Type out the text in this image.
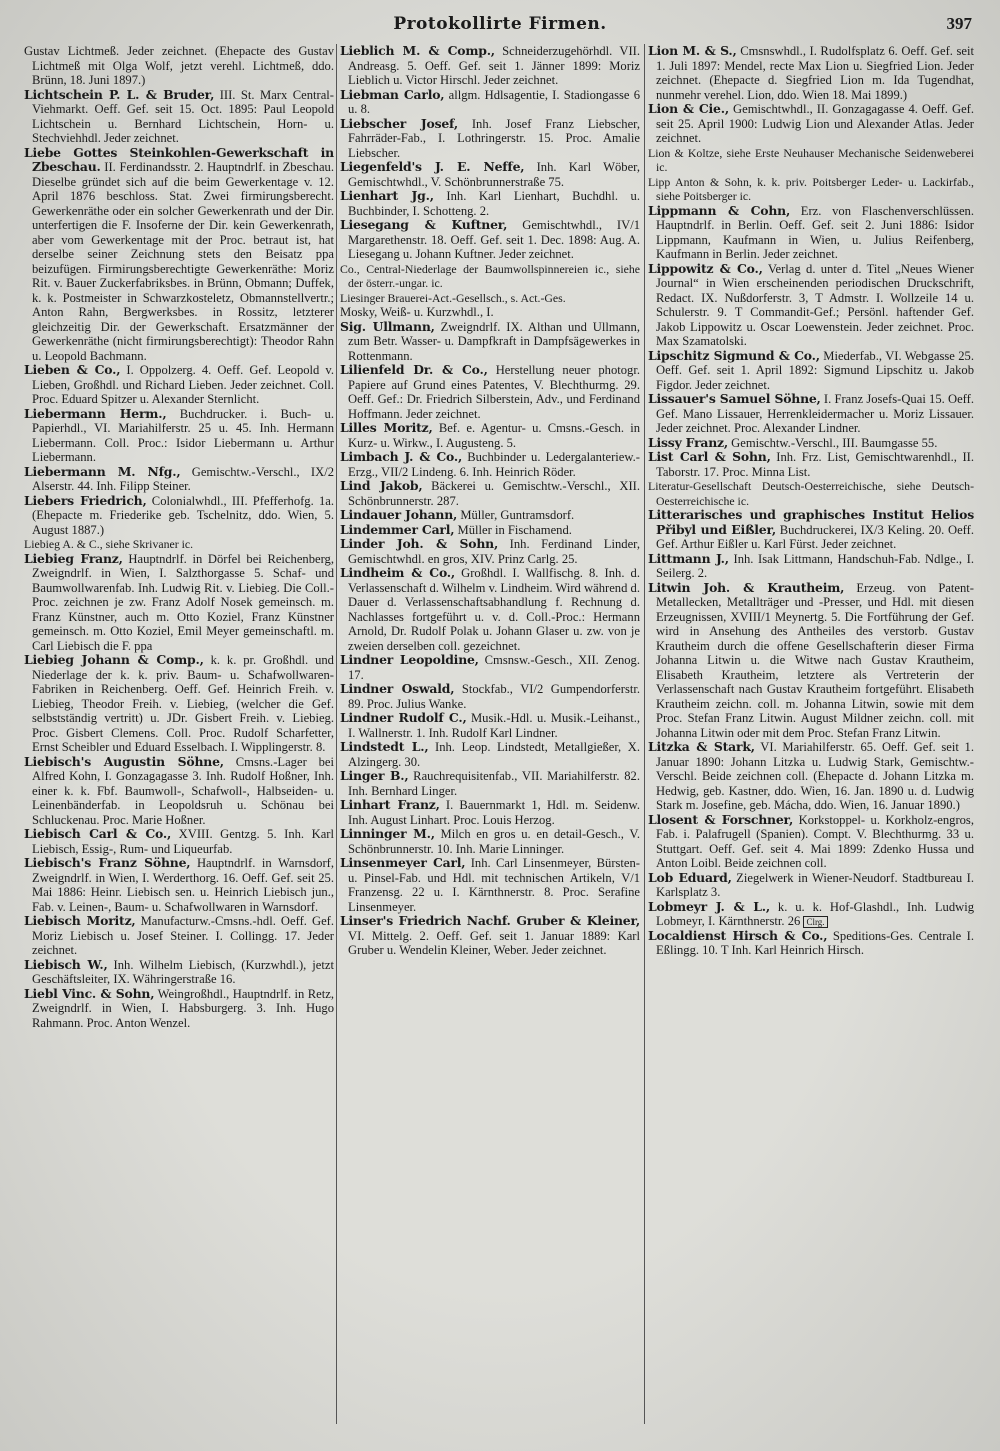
Protokollirte Firmen.	397

Gustav Lichtmeß. Jeder zeichnet. (Ehepacte des Gustav Lichtmeß mit Olga Wolf, jetzt verehl. Lichtmeß, ddo. Brünn, 18. Juni 1897.)

Lichtschein P. L. & Bruder, III. St. Marx Central-Viehmarkt. Oeff. Gef. seit 15. Oct. 1895: Paul Leopold Lichtschein u. Bernhard Lichtschein, Horn- u. Stechviehhdl. Jeder zeichnet.

Liebe Gottes Steinkohlen-Gewerkschaft in Zbeschau. II. Ferdinandsstr. 2. Hauptndrlf. in Zbeschau. Dieselbe gründet sich auf die beim Gewerkentage v. 12. April 1876 beschloss. Stat. Zwei firmirungsberecht. Gewerkenräthe oder ein solcher Gewerkenrath und der Dir. unterfertigen die F. Insoferne der Dir. kein Gewerkenrath, aber vom Gewerkentage mit der Proc. betraut ist, hat derselbe seiner Zeichnung stets den Beisatz ppa beizufügen. Firmirungsberechtigte Gewerkenräthe: Moriz Rit. v. Bauer Zuckerfabriksbes. in Brünn, Obmann; Duffek, k. k. Postmeister in Schwarzkosteletz, Obmannstellvertr.; Anton Rahn, Bergwerksbes. in Rossitz, letzterer gleichzeitig Dir. der Gewerkschaft. Ersatzmänner der Gewerkenräthe (nicht firmirungsberechtigt): Theodor Rahn u. Leopold Bachmann.

Lieben & Co., I. Oppolzerg. 4. Oeff. Gef. Leopold v. Lieben, Großhdl. und Richard Lieben. Jeder zeichnet. Coll. Proc. Eduard Spitzer u. Alexander Sternlicht.

Liebermann Herm., Buchdrucker. i. Buch- u. Papierhdl., VI. Mariahilferstr. 25 u. 45. Inh. Hermann Liebermann. Coll. Proc.: Isidor Liebermann u. Arthur Liebermann.

Liebermann M. Nfg., Gemischtw.-Verschl., IX/2 Alserstr. 44. Inh. Filipp Steiner.

Liebers Friedrich, Colonialwhdl., III. Pfefferhofg. 1a. (Ehepacte m. Friederike geb. Tschelnitz, ddo. Wien, 5. August 1887.)

Liebieg A. & C., siehe Skrivaner ic.

Liebieg Franz, Hauptndrlf. in Dörfel bei Reichenberg, Zweigndrlf. in Wien, I. Salzthorgasse 5. Schaf- und Baumwollwarenfab. Inh. Ludwig Rit. v. Liebieg. Die Coll.-Proc. zeichnen je zw. Franz Adolf Nosek gemeinsch. m. Franz Künstner, auch m. Otto Koziel, Franz Künstner gemeinsch. m. Otto Koziel, Emil Meyer gemeinschaftl. m. Carl Liebisch die F. ppa

Liebieg Johann & Comp., k. k. pr. Großhdl. und Niederlage der k. k. priv. Baum- u. Schafwollwaren-Fabriken in Reichenberg. Oeff. Gef. Heinrich Freih. v. Liebieg, Theodor Freih. v. Liebieg, (welcher die Gef. selbstständig vertritt) u. JDr. Gisbert Freih. v. Liebieg. Proc. Gisbert Clemens. Coll. Proc. Rudolf Scharfetter, Ernst Scheibler und Eduard Esselbach. I. Wipplingerstr. 8.

Liebisch's Augustin Söhne, Cmsns.-Lager bei Alfred Kohn, I. Gonzagagasse 3. Inh. Rudolf Hoßner, Inh. einer k. k. Fbf. Baumwoll-, Schafwoll-, Halbseiden- u. Leinenbänderfab. in Leopoldsruh u. Schönau bei Schluckenau. Proc. Marie Hoßner.

Liebisch Carl & Co., XVIII. Gentzg. 5. Inh. Karl Liebisch, Essig-, Rum- und Liqueurfab.

Liebisch's Franz Söhne, Hauptndrlf. in Warnsdorf, Zweigndrlf. in Wien, I. Werderthorg. 16. Oeff. Gef. seit 25. Mai 1886: Heinr. Liebisch sen. u. Heinrich Liebisch jun., Fab. v. Leinen-, Baum- u. Schafwollwaren in Warnsdorf.

Liebisch Moritz, Manufacturw.-Cmsns.-hdl. Oeff. Gef. Moriz Liebisch u. Josef Steiner. I. Collingg. 17. Jeder zeichnet.

Liebisch W., Inh. Wilhelm Liebisch, (Kurzwhdl.), jetzt Geschäftsleiter, IX. Währingerstraße 16.

Liebl Vinc. & Sohn, Weingroßhdl., Hauptndrlf. in Retz, Zweigndrlf. in Wien, I. Habsburgerg. 3. Inh. Hugo Rahmann. Proc. Anton Wenzel.

Lieblich M. & Comp., Schneiderzugehörhdl. VII. Andreasg. 5. Oeff. Gef. seit 1. Jänner 1899: Moriz Lieblich u. Victor Hirschl. Jeder zeichnet.

Liebman Carlo, allgm. Hdlsagentie, I. Stadiongasse 6 u. 8.

Liebscher Josef, Inh. Josef Franz Liebscher, Fahrräder-Fab., I. Lothringerstr. 15. Proc. Amalie Liebscher.

Liegenfeld's J. E. Neffe, Inh. Karl Wöber, Gemischtwhdl., V. Schönbrunnerstraße 75.

Lienhart Jg., Inh. Karl Lienhart, Buchdhl. u. Buchbinder, I. Schotteng. 2.

Liesegang & Kuftner, Gemischtwhdl., IV/1 Margarethenstr. 18. Oeff. Gef. seit 1. Dec. 1898: Aug. A. Liesegang u. Johann Kuftner. Jeder zeichnet.

Co., Central-Niederlage der Baumwollspinnereien ic., siehe der österr.-ungar. ic.

Liesinger Brauerei-Act.-Gesellsch., s. Act.-Ges.

Mosky, Weiß- u. Kurzwhdl., I.

Sig. Ullmann, Zweigndrlf. IX. Althan und Ullmann, zum Betr. Wasser- u. Dampfkraft in Dampfsägewerkes in Rottenmann.

Lilienfeld Dr. & Co., Herstellung neuer photogr. Papiere auf Grund eines Patentes, V. Blechthurmg. 29. Oeff. Gef.: Dr. Friedrich Silberstein, Adv., und Ferdinand Hoffmann. Jeder zeichnet.

Lilles Moritz, Bef. e. Agentur- u. Cmsns.-Gesch. in Kurz- u. Wirkw., I. Augusteng. 5.

Limbach J. & Co., Buchbinder u. Ledergalanteriew.-Erzg., VII/2 Lindeng. 6. Inh. Heinrich Röder.

Lind Jakob, Bäckerei u. Gemischtw.-Verschl., XII. Schönbrunnerstr. 287.

Lindauer Johann, Müller, Guntramsdorf.

Lindemmer Carl, Müller in Fischamend.

Linder Joh. & Sohn, Inh. Ferdinand Linder, Gemischtwhdl. en gros, XIV. Prinz Carlg. 25.

Lindheim & Co., Großhdl. I. Wallfischg. 8. Inh. d. Verlassenschaft d. Wilhelm v. Lindheim. Wird während d. Dauer d. Verlassenschaftsabhandlung f. Rechnung d. Nachlasses fortgeführt u. v. d. Coll.-Proc.: Hermann Arnold, Dr. Rudolf Polak u. Johann Glaser u. zw. von je zweien derselben coll. gezeichnet.

Lindner Leopoldine, Cmsnsw.-Gesch., XII. Zenog. 17.

Lindner Oswald, Stockfab., VI/2 Gumpendorferstr. 89. Proc. Julius Wanke.

Lindner Rudolf C., Musik.-Hdl. u. Musik.-Leihanst., I. Wallnerstr. 1. Inh. Rudolf Karl Lindner.

Lindstedt L., Inh. Leop. Lindstedt, Metallgießer, X. Alzingerg. 30.

Linger B., Rauchrequisitenfab., VII. Mariahilferstr. 82. Inh. Bernhard Linger.

Linhart Franz, I. Bauernmarkt 1, Hdl. m. Seidenw. Inh. August Linhart. Proc. Louis Herzog.

Linninger M., Milch en gros u. en detail-Gesch., V. Schönbrunnerstr. 10. Inh. Marie Linninger.

Linsenmeyer Carl, Inh. Carl Linsenmeyer, Bürsten- u. Pinsel-Fab. und Hdl. mit technischen Artikeln, V/1 Franzensg. 22 u. I. Kärnthnerstr. 8. Proc. Serafine Linsenmeyer.

Linser's Friedrich Nachf. Gruber & Kleiner, VI. Mittelg. 2. Oeff. Gef. seit 1. Januar 1889: Karl Gruber u. Wendelin Kleiner, Weber. Jeder zeichnet.

Lion M. & S., Cmsnswhdl., I. Rudolfsplatz 6. Oeff. Gef. seit 1. Juli 1897: Mendel, recte Max Lion u. Siegfried Lion. Jeder zeichnet. (Ehepacte d. Siegfried Lion m. Ida Tugendhat, nunmehr verehel. Lion, ddo. Wien 18. Mai 1899.)

Lion & Cie., Gemischtwhdl., II. Gonzagagasse 4. Oeff. Gef. seit 25. April 1900: Ludwig Lion und Alexander Atlas. Jeder zeichnet.

Lion & Koltze, siehe Erste Neuhauser Mechanische Seidenweberei ic.

Lipp Anton & Sohn, k. k. priv. Poitsberger Leder- u. Lackirfab., siehe Poitsberger ic.

Lippmann & Cohn, Erz. von Flaschenverschlüssen. Hauptndrlf. in Berlin. Oeff. Gef. seit 2. Juni 1886: Isidor Lippmann, Kaufmann in Wien, u. Julius Reifenberg, Kaufmann in Berlin. Jeder zeichnet.

Lippowitz & Co., Verlag d. unter d. Titel „Neues Wiener Journal“ in Wien erscheinenden periodischen Druckschrift, Redact. IX. Nußdorferstr. 3, T Admstr. I. Wollzeile 14 u. Schulerstr. 9. T Commandit-Gef.; Persönl. haftender Gef. Jakob Lippowitz u. Oscar Loewenstein. Jeder zeichnet. Proc. Max Szamatolski.

Lipschitz Sigmund & Co., Miederfab., VI. Webgasse 25. Oeff. Gef. seit 1. April 1892: Sigmund Lipschitz u. Jakob Figdor. Jeder zeichnet.

Lissauer's Samuel Söhne, I. Franz Josefs-Quai 15. Oeff. Gef. Mano Lissauer, Herrenkleidermacher u. Moriz Lissauer. Jeder zeichnet. Proc. Alexander Lindner.

Lissy Franz, Gemischtw.-Verschl., III. Baumgasse 55.

List Carl & Sohn, Inh. Frz. List, Gemischtwarenhdl., II. Taborstr. 17. Proc. Minna List.

Literatur-Gesellschaft Deutsch-Oesterreichische, siehe Deutsch-Oesterreichische ic.

Litterarisches und graphisches Institut Helios Přibyl und Eißler, Buchdruckerei, IX/3 Keling. 20. Oeff. Gef. Arthur Eißler u. Karl Fürst. Jeder zeichnet.

Littmann J., Inh. Isak Littmann, Handschuh-Fab. Ndlge., I. Seilerg. 2.

Litwin Joh. & Krautheim, Erzeug. von Patent-Metallecken, Metallträger und -Presser, und Hdl. mit diesen Erzeugnissen, XVIII/1 Meynertg. 5. Die Fortführung der Gef. wird in Ansehung des Antheiles des verstorb. Gustav Krautheim durch die offene Gesellschafterin dieser Firma Johanna Litwin u. die Witwe nach Gustav Krautheim, Elisabeth Krautheim, letztere als Vertreterin der Verlassenschaft nach Gustav Krautheim fortgeführt. Elisabeth Krautheim zeichn. coll. m. Johanna Litwin, sowie mit dem Proc. Stefan Franz Litwin. August Mildner zeichn. coll. mit Johanna Litwin oder mit dem Proc. Stefan Franz Litwin.

Litzka & Stark, VI. Mariahilferstr. 65. Oeff. Gef. seit 1. Januar 1890: Johann Litzka u. Ludwig Stark, Gemischtw.-Verschl. Beide zeichnen coll. (Ehepacte d. Johann Litzka m. Hedwig, geb. Kastner, ddo. Wien, 16. Jan. 1890 u. d. Ludwig Stark m. Josefine, geb. Mácha, ddo. Wien, 16. Januar 1890.)

Llosent & Forschner, Korkstoppel- u. Korkholz-engros, Fab. i. Palafrugell (Spanien). Compt. V. Blechthurmg. 33 u. Stuttgart. Oeff. Gef. seit 4. Mai 1899: Zdenko Hussa und Anton Loibl. Beide zeichnen coll.

Lob Eduard, Ziegelwerk in Wiener-Neudorf. Stadtbureau I. Karlsplatz 3.

Lobmeyr J. & L., k. u. k. Hof-Glashdl., Inh. Ludwig Lobmeyr, I. Kärnthnerstr. 26 Clrg.

Localdienst Hirsch & Co., Speditions-Ges. Centrale I. Eßlingg. 10. T Inh. Karl Heinrich Hirsch.
